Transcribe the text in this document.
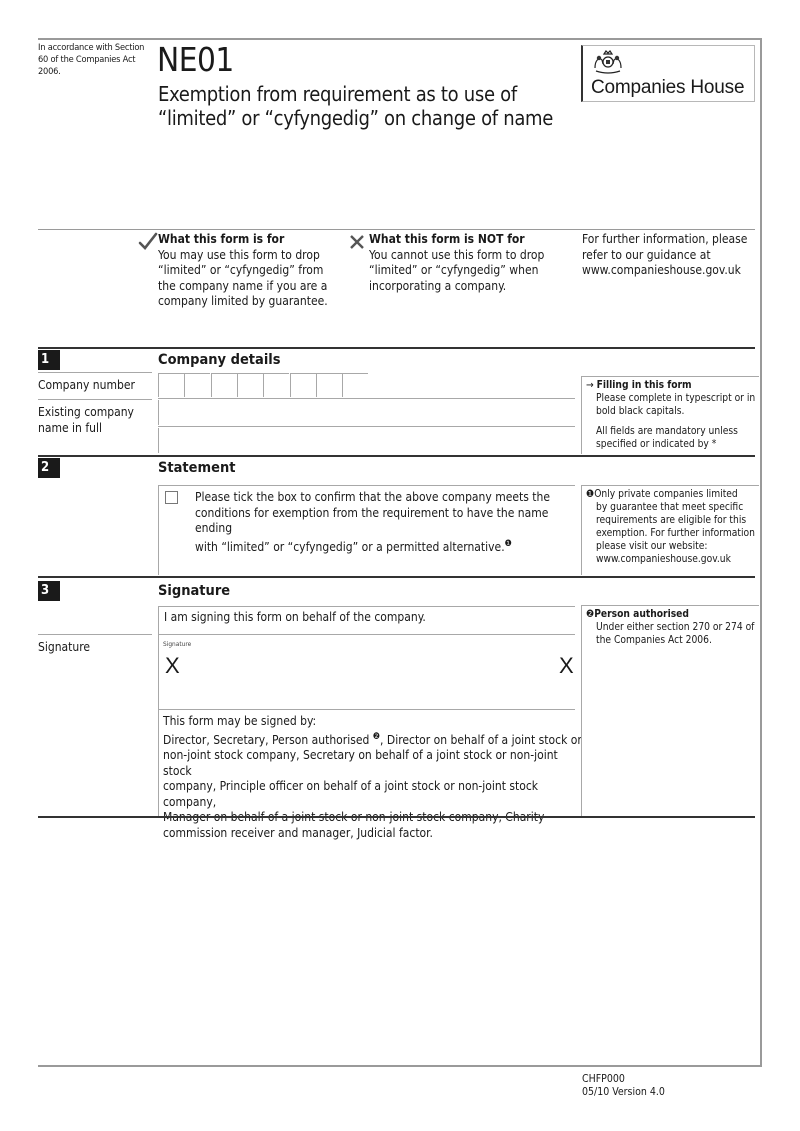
In accordance with Section 60 of the Companies Act 2006.	NE01
Exemption from requirement as to use of
“limited” or “cyfyngedig” on change of name
Companies House
What this form is for
You may use this form to drop
“limited” or “cyfyngedig” from
the company name if you are a
company limited by guarantee.
What this form is NOT for
You cannot use this form to drop
“limited” or “cyfyngedig” when
incorporating a company.
For further information, please
refer to our guidance at
www.companieshouse.gov.uk
1	Company details
Company number
Existing company
name in full
→ Filling in this form
Please complete in typescript or in
bold black capitals.
All fields are mandatory unless
specified or indicated by *
2	Statement
Please tick the box to confirm that the above company meets the
conditions for exemption from the requirement to have the name ending
with “limited” or “cyfyngedig” or a permitted alternative.$^❶$
❶Only private companies limited
by guarantee that meet specific
requirements are eligible for this
exemption. For further information
please visit our website:
www.companieshouse.gov.uk
3	Signature
I am signing this form on behalf of the company.
Signature	Signature
X	X
This form may be signed by:
Director, Secretary, Person authorised $^❷$, Director on behalf of a joint stock or
non-joint stock company, Secretary on behalf of a joint stock or non-joint stock
company, Principle officer on behalf of a joint stock or non-joint stock company,
Manager on behalf of a joint stock or non-joint stock company, Charity
commission receiver and manager, Judicial factor.
❷Person authorised
Under either section 270 or 274 of
the Companies Act 2006.
CHFP000
05/10 Version 4.0
